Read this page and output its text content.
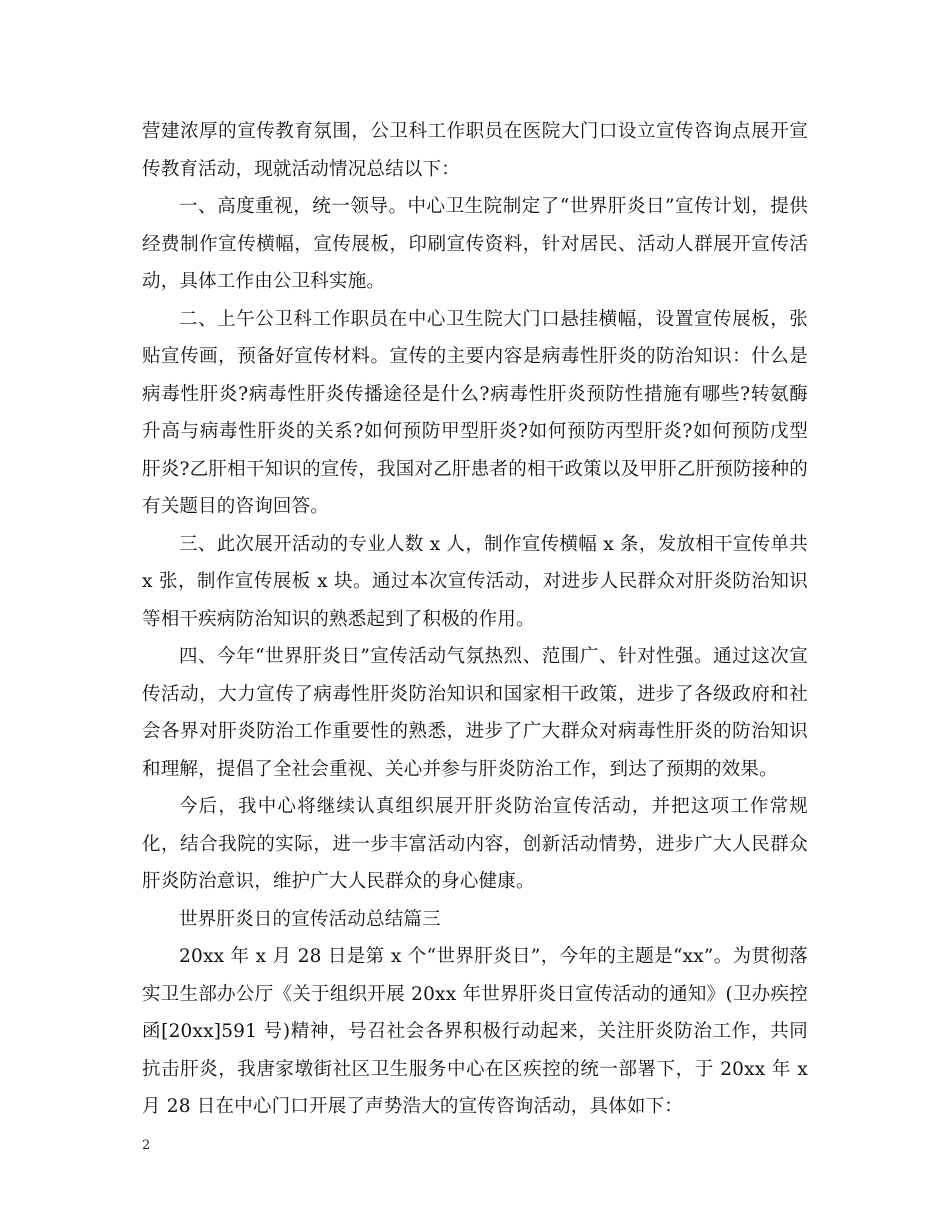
营建浓厚的宣传教育氛围，公卫科工作职员在医院大门口设立宣传咨询点展开宣传教育活动，现就活动情况总结以下：

一、高度重视，统一领导。中心卫生院制定了“世界肝炎日”宣传计划，提供经费制作宣传横幅，宣传展板，印刷宣传资料，针对居民、活动人群展开宣传活动，具体工作由公卫科实施。

二、上午公卫科工作职员在中心卫生院大门口悬挂横幅，设置宣传展板，张贴宣传画，预备好宣传材料。宣传的主要内容是病毒性肝炎的防治知识：什么是病毒性肝炎?病毒性肝炎传播途径是什么?病毒性肝炎预防性措施有哪些?转氨酶升高与病毒性肝炎的关系?如何预防甲型肝炎?如何预防丙型肝炎?如何预防戊型肝炎?乙肝相干知识的宣传，我国对乙肝患者的相干政策以及甲肝乙肝预防接种的有关题目的咨询回答。

三、此次展开活动的专业人数 x 人，制作宣传横幅 x 条，发放相干宣传单共 x 张，制作宣传展板 x 块。通过本次宣传活动，对进步人民群众对肝炎防治知识等相干疾病防治知识的熟悉起到了积极的作用。

四、今年“世界肝炎日”宣传活动气氛热烈、范围广、针对性强。通过这次宣传活动，大力宣传了病毒性肝炎防治知识和国家相干政策，进步了各级政府和社会各界对肝炎防治工作重要性的熟悉，进步了广大群众对病毒性肝炎的防治知识和理解，提倡了全社会重视、关心并参与肝炎防治工作，到达了预期的效果。

今后，我中心将继续认真组织展开肝炎防治宣传活动，并把这项工作常规化，结合我院的实际，进一步丰富活动内容，创新活动情势，进步广大人民群众肝炎防治意识，维护广大人民群众的身心健康。

世界肝炎日的宣传活动总结篇三

20xx 年 x 月 28 日是第 x 个“世界肝炎日”，今年的主题是“xx”。为贯彻落实卫生部办公厅《关于组织开展 20xx 年世界肝炎日宣传活动的通知》(卫办疾控函[20xx]591 号)精神，号召社会各界积极行动起来，关注肝炎防治工作，共同抗击肝炎，我唐家墩街社区卫生服务中心在区疾控的统一部署下，于 20xx 年 x 月 28 日在中心门口开展了声势浩大的宣传咨询活动，具体如下：

2
